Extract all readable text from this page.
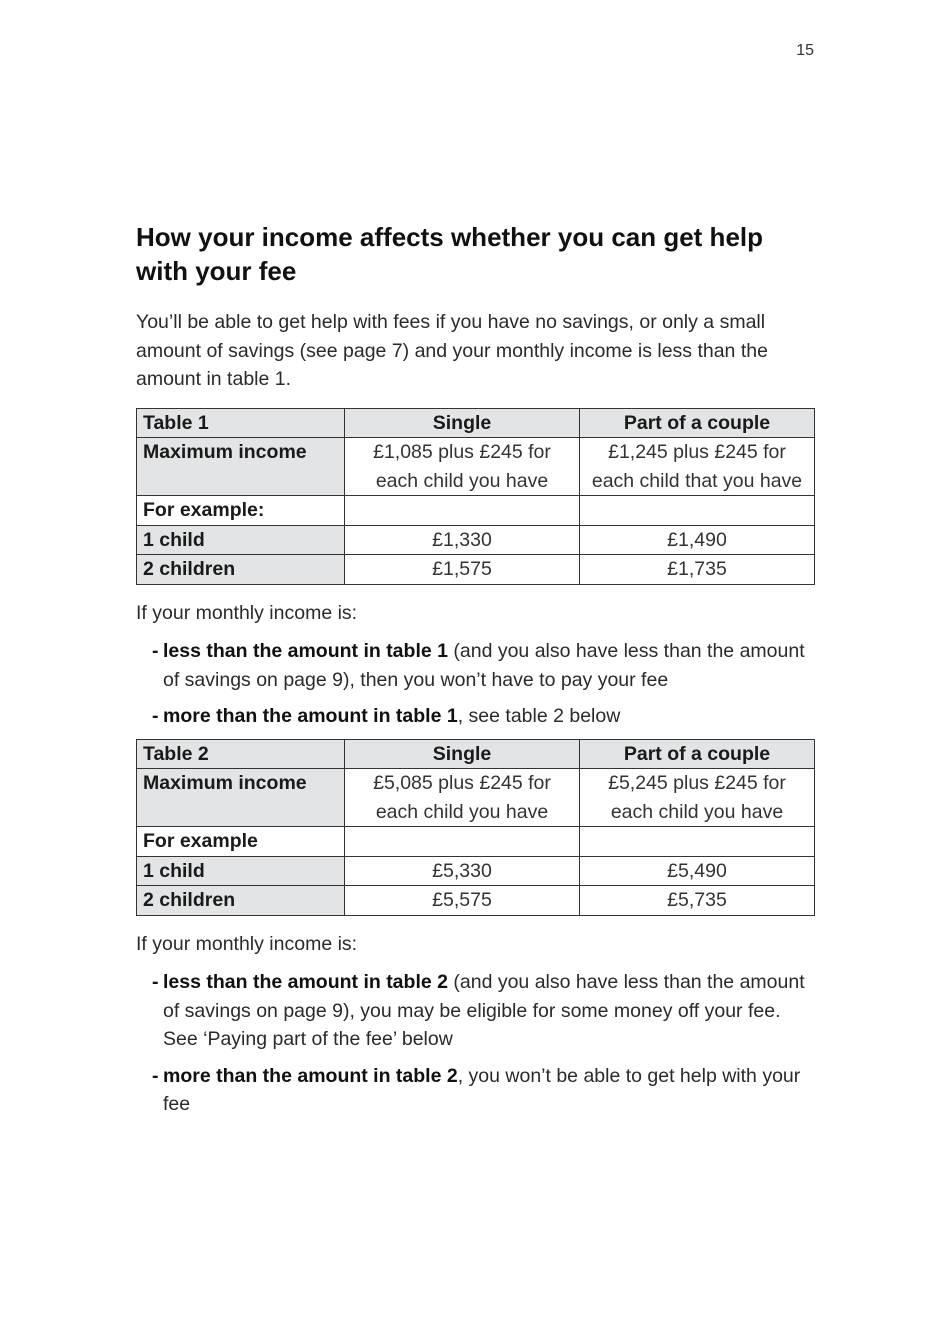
15
How your income affects whether you can get help with your fee

You’ll be able to get help with fees if you have no savings, or only a small amount of savings (see page 7) and your monthly income is less than the amount in table 1.

Table 1	Single	Part of a couple
Maximum income	£1,085 plus £245 for each child you have	£1,245 plus £245 for each child that you have
For example:		
1 child	£1,330	£1,490
2 children	£1,575	£1,735

If your monthly income is:

- less than the amount in table 1 (and you also have less than the amount of savings on page 9), then you won’t have to pay your fee
- more than the amount in table 1, see table 2 below
Table 2	Single	Part of a couple
Maximum income	£5,085 plus £245 for each child you have	£5,245 plus £245 for each child you have
For example		
1 child	£5,330	£5,490
2 children	£5,575	£5,735

If your monthly income is:

- less than the amount in table 2 (and you also have less than the amount of savings on page 9), you may be eligible for some money off your fee. See ‘Paying part of the fee’ below
- more than the amount in table 2, you won’t be able to get help with your fee
